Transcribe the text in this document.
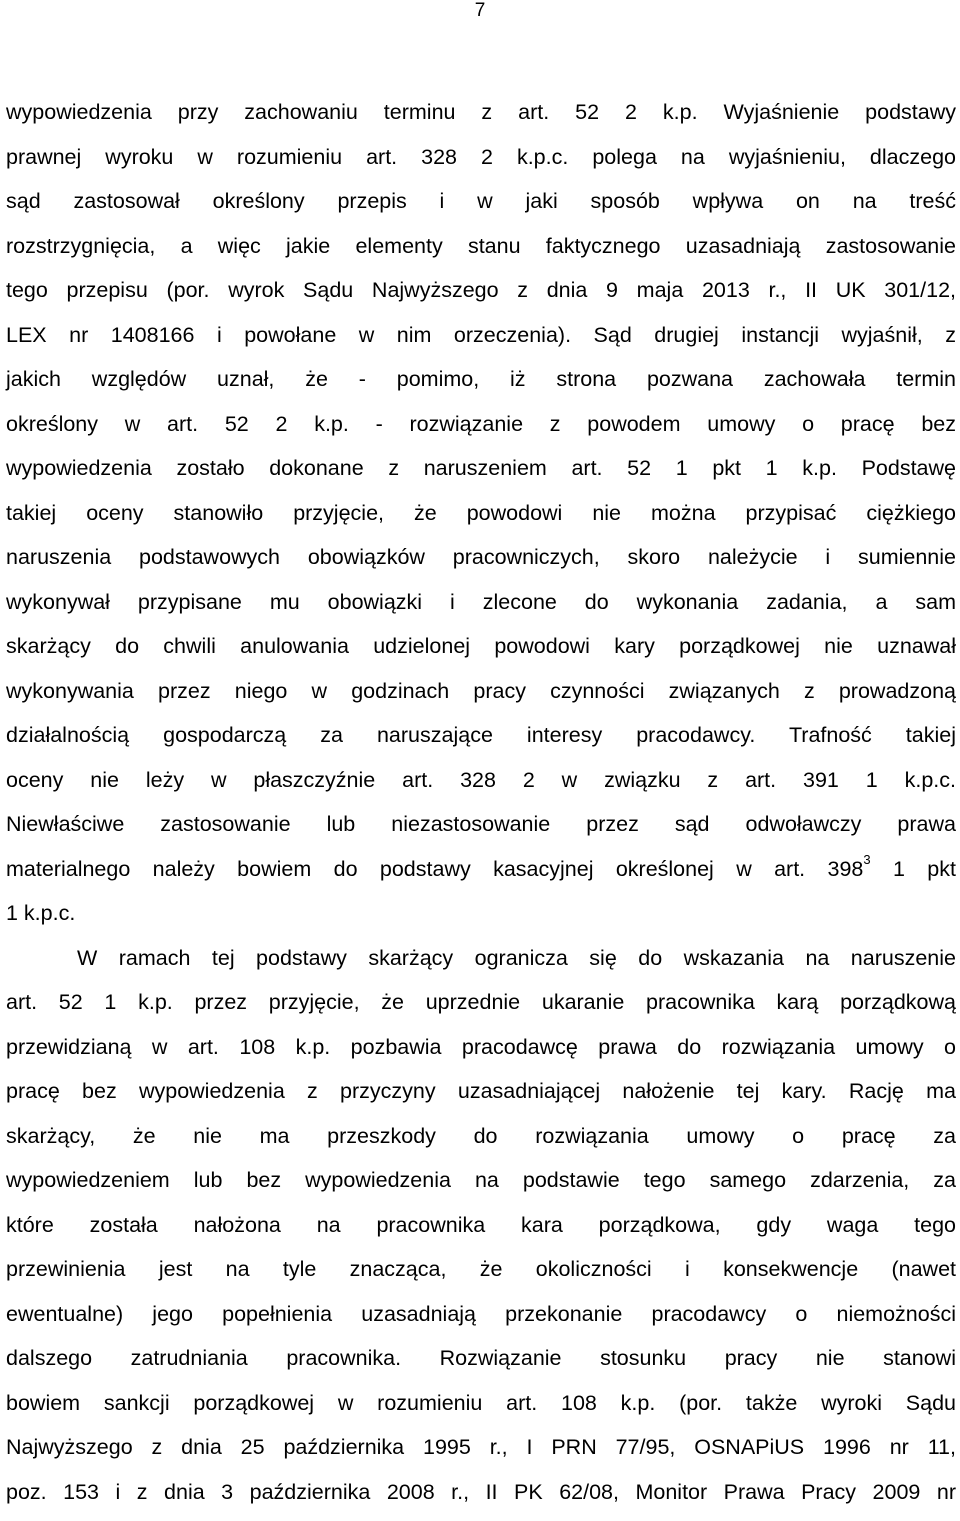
7
wypowiedzenia przy zachowaniu terminu z art. 52 2 k.p. Wyjaśnienie podstawy
prawnej wyroku w rozumieniu art. 328 2 k.p.c. polega na wyjaśnieniu, dlaczego
sąd zastosował określony przepis i w jaki sposób wpływa on na treść
rozstrzygnięcia, a więc jakie elementy stanu faktycznego uzasadniają zastosowanie
tego przepisu (por. wyrok Sądu Najwyższego z dnia 9 maja 2013 r., II UK 301/12,
LEX nr 1408166 i powołane w nim orzeczenia). Sąd drugiej instancji wyjaśnił, z
jakich względów uznał, że - pomimo, iż strona pozwana zachowała termin
określony w art. 52 2 k.p. - rozwiązanie z powodem umowy o pracę bez
wypowiedzenia zostało dokonane z naruszeniem art. 52 1 pkt 1 k.p. Podstawę
takiej oceny stanowiło przyjęcie, że powodowi nie można przypisać ciężkiego
naruszenia podstawowych obowiązków pracowniczych, skoro należycie i sumiennie
wykonywał przypisane mu obowiązki i zlecone do wykonania zadania, a sam
skarżący do chwili anulowania udzielonej powodowi kary porządkowej nie uznawał
wykonywania przez niego w godzinach pracy czynności związanych z prowadzoną
działalnością gospodarczą za naruszające interesy pracodawcy. Trafność takiej
oceny nie leży w płaszczyźnie art. 328 2 w związku z art. 391 1 k.p.c.
Niewłaściwe zastosowanie lub niezastosowanie przez sąd odwoławczy prawa
materialnego należy bowiem do podstawy kasacyjnej określonej w art. $398^3$ 1 pkt
1 k.p.c.
W ramach tej podstawy skarżący ogranicza się do wskazania na naruszenie
art. 52 1 k.p. przez przyjęcie, że uprzednie ukaranie pracownika karą porządkową
przewidzianą w art. 108 k.p. pozbawia pracodawcę prawa do rozwiązania umowy o
pracę bez wypowiedzenia z przyczyny uzasadniającej nałożenie tej kary. Rację ma
skarżący, że nie ma przeszkody do rozwiązania umowy o pracę za
wypowiedzeniem lub bez wypowiedzenia na podstawie tego samego zdarzenia, za
które została nałożona na pracownika kara porządkowa, gdy waga tego
przewinienia jest na tyle znacząca, że okoliczności i konsekwencje (nawet
ewentualne) jego popełnienia uzasadniają przekonanie pracodawcy o niemożności
dalszego zatrudniania pracownika. Rozwiązanie stosunku pracy nie stanowi
bowiem sankcji porządkowej w rozumieniu art. 108 k.p. (por. także wyroki Sądu
Najwyższego z dnia 25 października 1995 r., I PRN 77/95, OSNAPiUS 1996 nr 11,
poz. 153 i z dnia 3 października 2008 r., II PK 62/08, Monitor Prawa Pracy 2009 nr
